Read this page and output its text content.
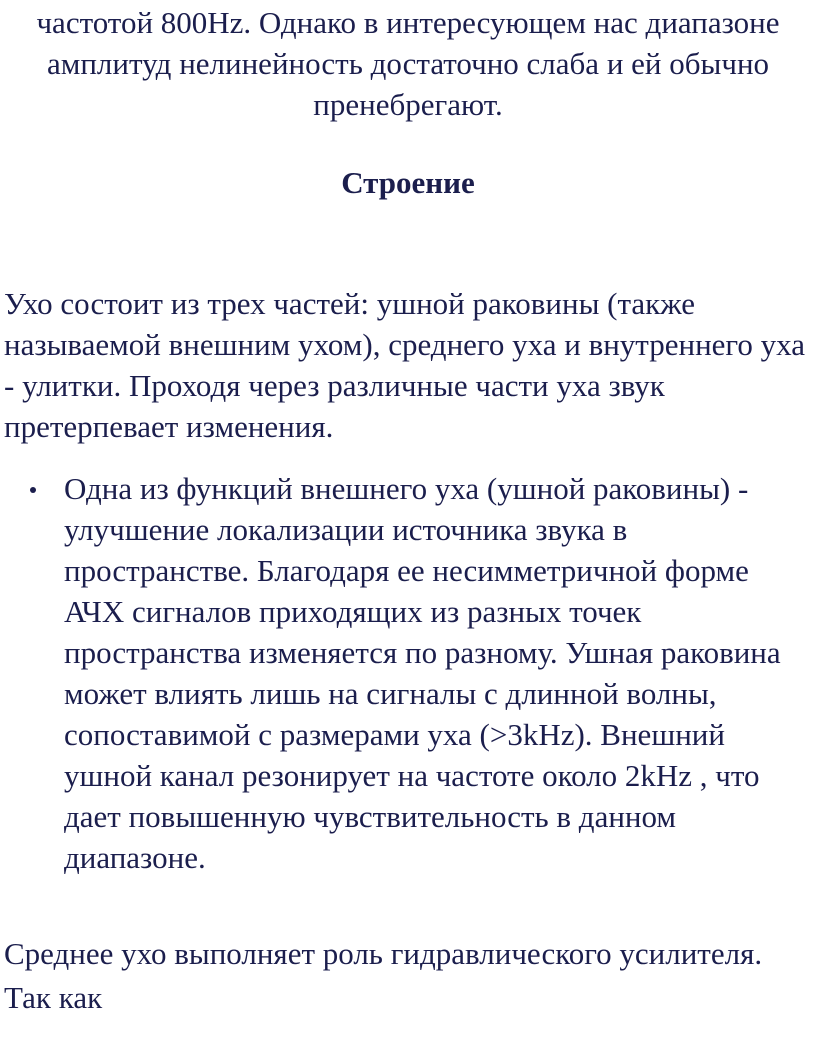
частотой 800Hz. Однако в интересующем нас диапазоне амплитуд нелинейность достаточно слаба и ей обычно пренебрегают.

Строение

Ухо состоит из трех частей: ушной раковины (также называемой внешним ухом), среднего уха и внутреннего уха - улитки. Проходя через различные части уха звук претерпевает изменения.

Одна из функций внешнего уха (ушной раковины) - улучшение локализации источника звука в пространстве. Благодаря ее несимметричной форме АЧХ сигналов приходящих из разных точек пространства изменяется по разному. Ушная раковина может влиять лишь на сигналы с длинной волны, сопоставимой с размерами уха (>3kHz). Внешний ушной канал резонирует на частоте около 2kHz , что дает повышенную чувствительность в данном диапазоне.

Среднее ухо выполняет роль гидравлического усилителя. Так как
